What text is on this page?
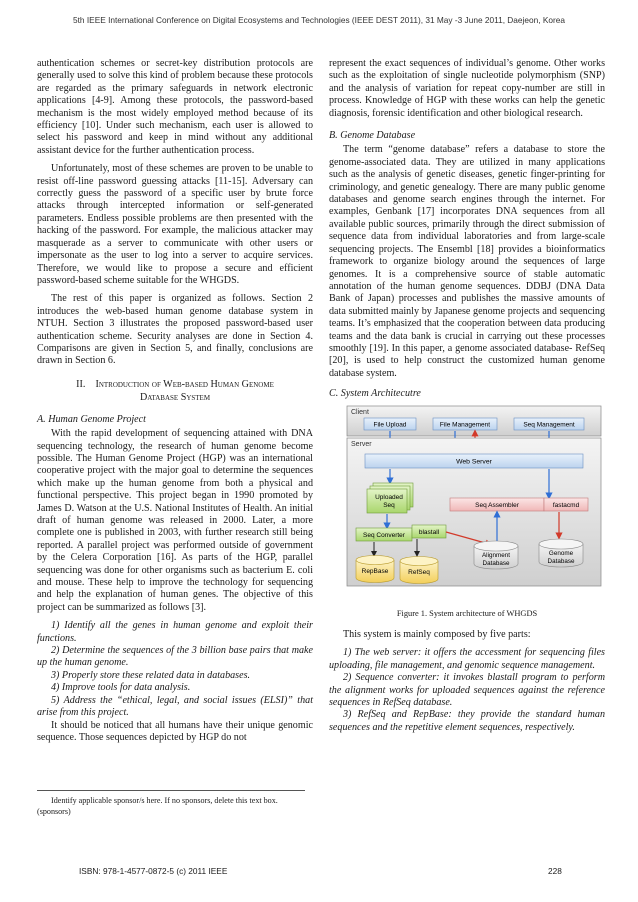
5th IEEE International Conference on Digital Ecosystems and Technologies (IEEE DEST 2011), 31 May -3 June 2011, Daejeon, Korea

authentication schemes or secret-key distribution protocols are generally used to solve this kind of problem because these protocols are regarded as the primary safeguards in network electronic applications [4-9]. Among these protocols, the password-based mechanism is the most widely employed method because of its efficiency [10]. Under such mechanism, each user is allowed to select his password and keep in mind without any additional assistant device for the further authentication process.

Unfortunately, most of these schemes are proven to be unable to resist off-line password guessing attacks [11-15]. Adversary can correctly guess the password of a specific user by brute force attacks through intercepted information or self-generated parameters. Endless possible problems are then presented with the hacking of the password. For example, the malicious attacker may masquerade as a server to communicate with other users or impersonate as the user to log into a server to acquire services. Therefore, we would like to propose a secure and efficient password-based scheme suitable for the WHGDS.

The rest of this paper is organized as follows. Section 2 introduces the web-based human genome database system in NTUH. Section 3 illustrates the proposed password-based user authentication scheme. Security analyses are done in Section 4. Comparisons are given in Section 5, and finally, conclusions are drawn in Section 6.

II. Introduction of Web-based Human Genome
Database System
A. Human Genome Project

With the rapid development of sequencing attained with DNA sequencing technology, the research of human genome become possible. The Human Genome Project (HGP) was an international cooperative project with the major goal to determine the sequences which make up the human genome from both a physical and functional perspective. This project began in 1990 promoted by James D. Watson at the U.S. National Institutes of Health. An initial draft of human genome was released in 2000. Later, a more complete one is published in 2003, with further research still being reported. A parallel project was performed outside of government by the Celera Corporation [16]. As parts of the HGP, parallel sequencing was done for other organisms such as bacterium E. coli and mouse. These help to improve the technology for sequencing and help the explanation of human genes. The objective of this project can be summarized as follows [3].

1) Identify all the genes in human genome and exploit their functions.

2) Determine the sequences of the 3 billion base pairs that make up the human genome.

3) Properly store these related data in databases.

4) Improve tools for data analysis.

5) Address the “ethical, legal, and social issues (ELSI)” that arise from this project.

It should be noticed that all humans have their unique genomic sequence. Those sequences depicted by HGP do not

represent the exact sequences of individual’s genome. Other works such as the exploitation of single nucleotide polymorphism (SNP) and the analysis of variation for repeat copy-number are still in process. Knowledge of HGP with these works can help the genetic diagnosis, forensic identification and other biological research.

B. Genome Database

The term “genome database” refers a database to store the genome-associated data. They are utilized in many applications such as the analysis of genetic diseases, genetic finger-printing for criminology, and genetic genealogy. There are many public genome databases and genome search engines through the internet. For examples, Genbank [17] incorporates DNA sequences from all available public sources, primarily through the direct submission of sequence data from individual laboratories and from large-scale sequencing projects. The Ensembl [18] provides a bioinformatics framework to organize biology around the sequences of large genomes. It is a comprehensive source of stable automatic annotation of the human genome sequences. DDBJ (DNA Data Bank of Japan) processes and publishes the massive amounts of data submitted mainly by Japanese genome projects and sequencing teams. It’s emphasized that the cooperation between data producing teams and the data bank is crucial in carrying out these processes smoothly [19]. In this paper, a genome associated database- RefSeq [20], is used to help construct the customized human genome database system.

C. System Architecutre
Client
File Upload	File Management	Seq Management
Server
Web Server
Uploaded
Seq	Seq Assembler	fastacmd
Seq Converter blastall
Alignment
Database
Genome
Database
RepBase	RefSeq
Figure 1. System architecture of WHGDS

This system is mainly composed by five parts:

1) The web server: it offers the accessment for sequencing files uploading, file management, and genomic sequence management.

2) Sequence converter: it invokes blastall program to perform the alignment works for uploaded sequences against the reference sequences in RefSeq database.

3) RefSeq and RepBase: they provide the standard human sequences and the repetitive element sequences, respectively.

Identify applicable sponsor/s here. If no sponsors, delete this text box.
(sponsors)
ISBN: 978-1-4577-0872-5 (c) 2011 IEEE	228
